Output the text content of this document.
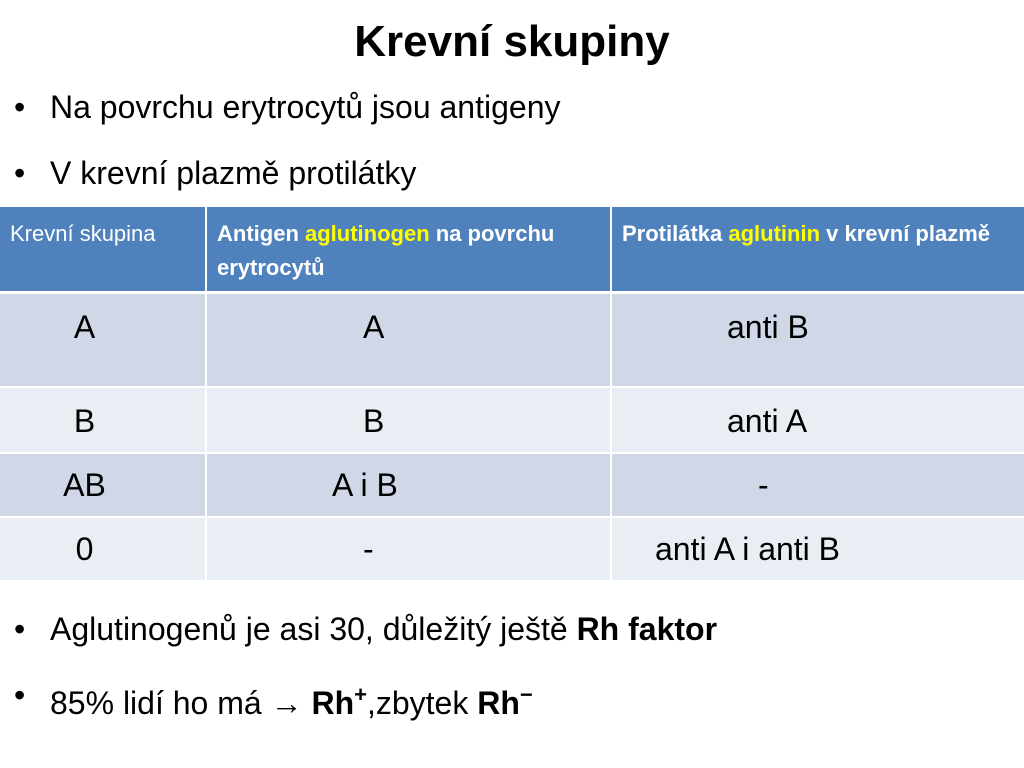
Krevní skupiny
• Na povrchu erytrocytů jsou antigeny
• V krevní plazmě protilátky
Krevní skupina	Antigen aglutinogen na povrchu erytrocytů	Protilátka aglutinin v krevní plazmě

A	A	anti B

B	B	anti A

AB	A i B	-

0	-	anti A i anti B
• Aglutinogenů je asi 30, důležitý ještě Rh faktor
• 85% lidí ho má → Rh+,zbytek Rh−
